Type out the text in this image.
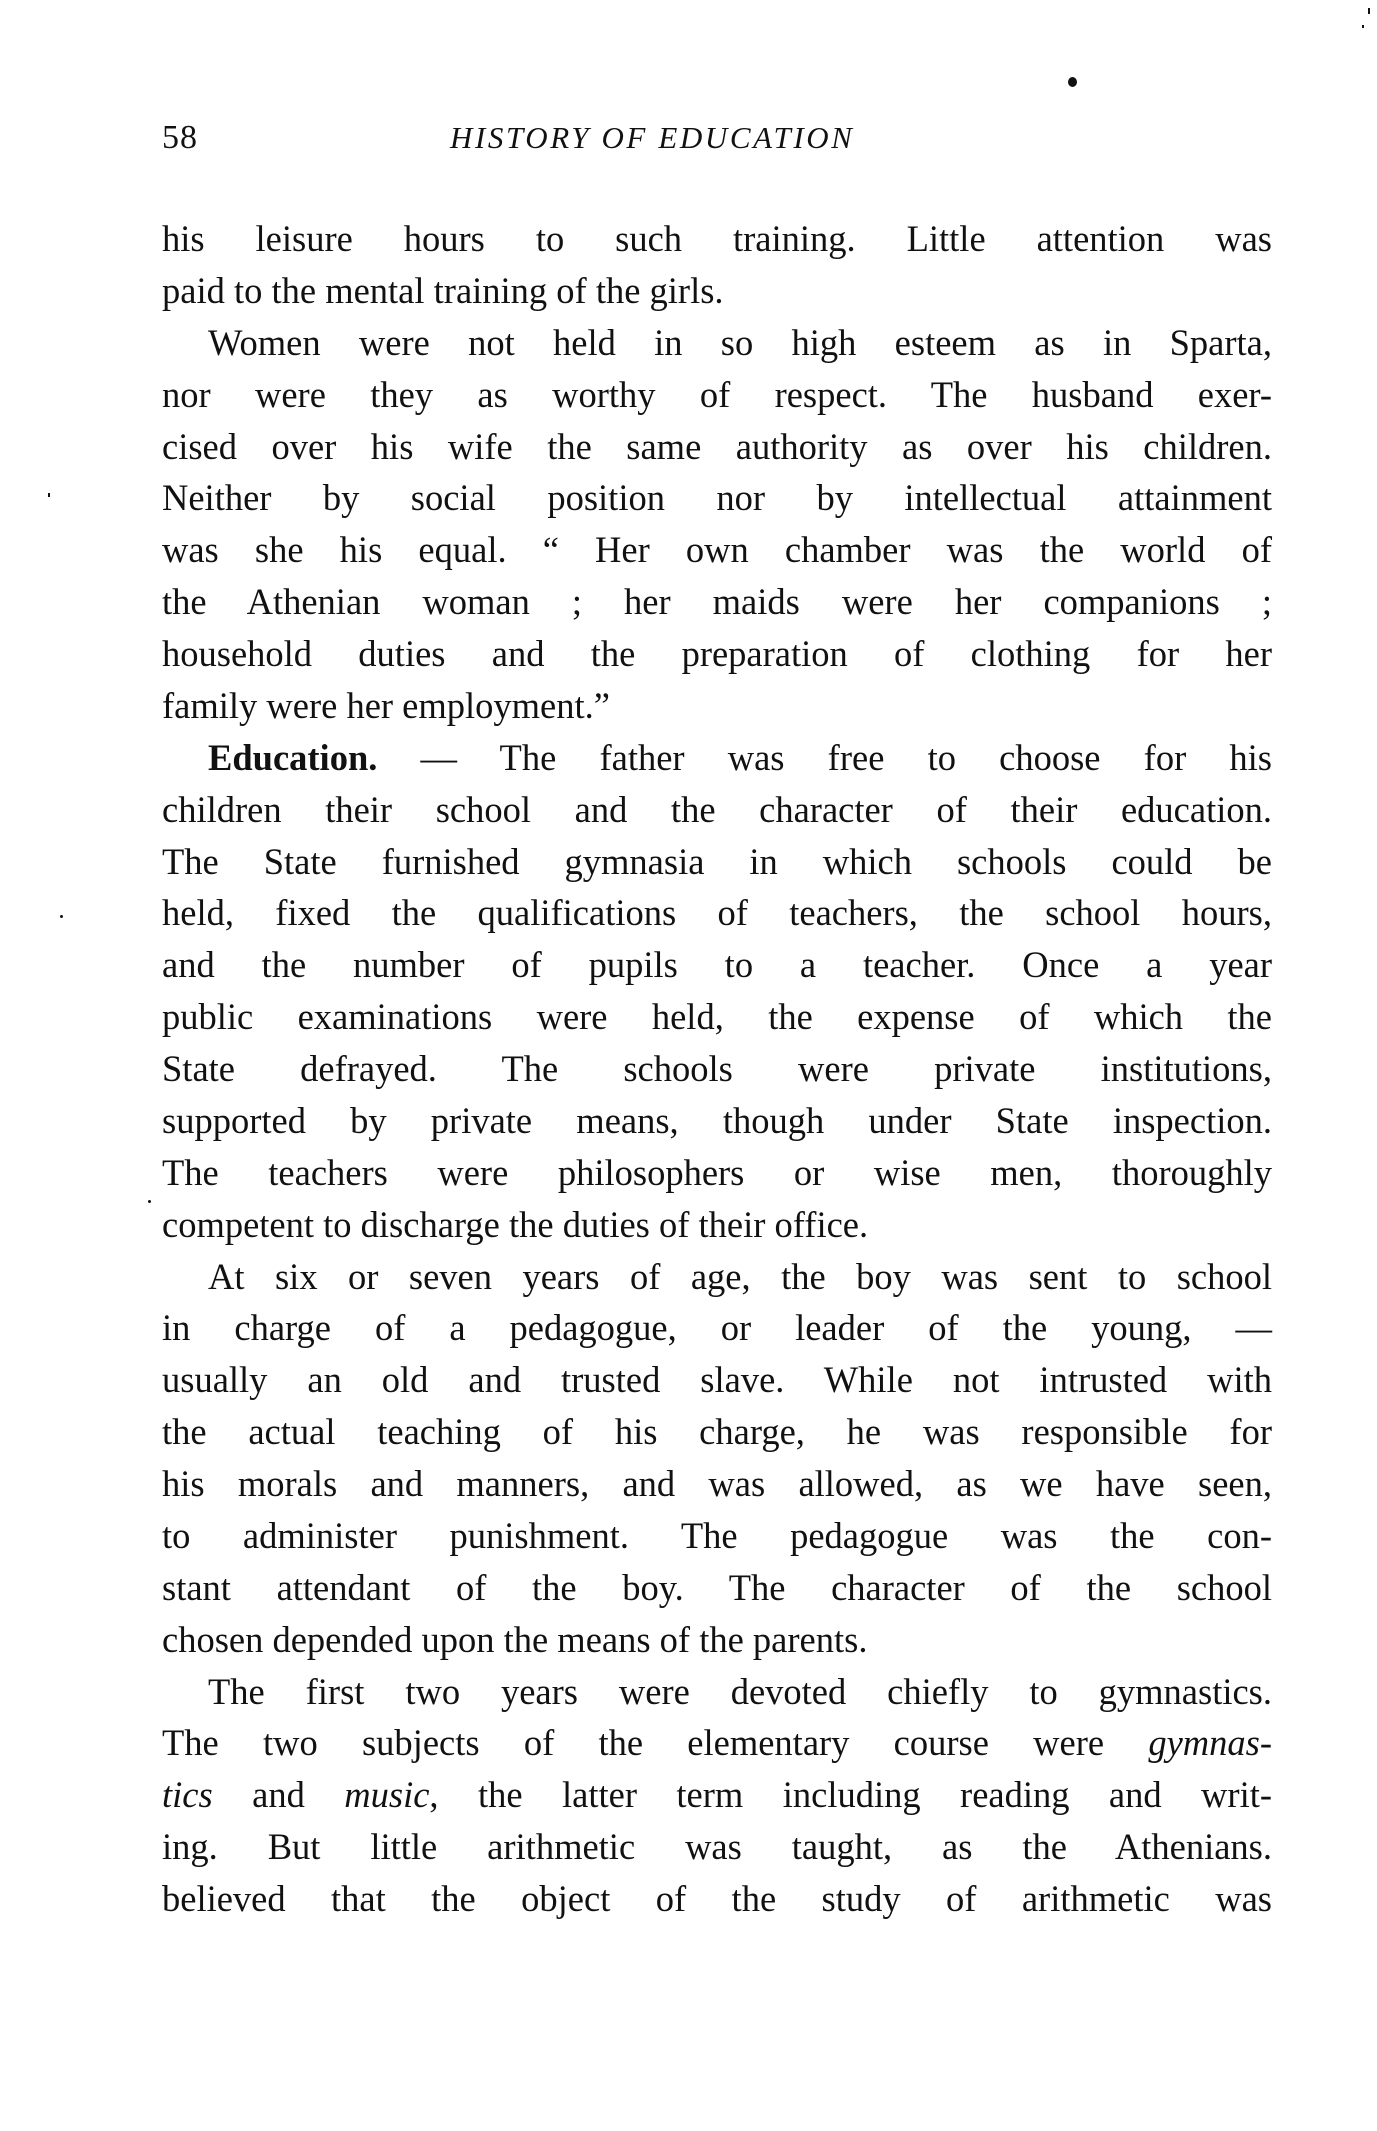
58	HISTORY OF EDUCATION
his leisure hours to such training. Little attention was
paid to the mental training of the girls.
Women were not held in so high esteem as in Sparta,
nor were they as worthy of respect. The husband exer-
cised over his wife the same authority as over his children.
Neither by social position nor by intellectual attainment
was she his equal. “ Her own chamber was the world of
the Athenian woman ; her maids were her companions ;
household duties and the preparation of clothing for her
family were her employment.”
Education. — The father was free to choose for his
children their school and the character of their education.
The State furnished gymnasia in which schools could be
held, fixed the qualifications of teachers, the school hours,
and the number of pupils to a teacher. Once a year
public examinations were held, the expense of which the
State defrayed. The schools were private institutions,
supported by private means, though under State inspection.
The teachers were philosophers or wise men, thoroughly
competent to discharge the duties of their office.
At six or seven years of age, the boy was sent to school
in charge of a pedagogue, or leader of the young, —
usually an old and trusted slave. While not intrusted with
the actual teaching of his charge, he was responsible for
his morals and manners, and was allowed, as we have seen,
to administer punishment. The pedagogue was the con-
stant attendant of the boy. The character of the school
chosen depended upon the means of the parents.
The first two years were devoted chiefly to gymnastics.
The two subjects of the elementary course were gymnas-
tics and music, the latter term including reading and writ-
ing. But little arithmetic was taught, as the Athenians.
believed that the object of the study of arithmetic was
